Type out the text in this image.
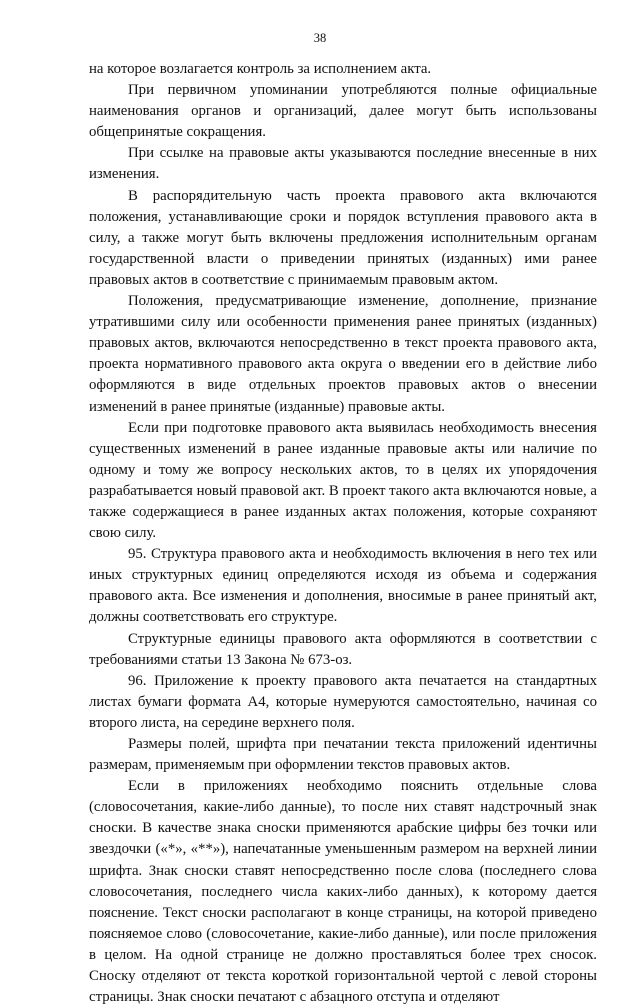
38

на которое возлагается контроль за исполнением акта.

При первичном упоминании употребляются полные официальные наименования органов и организаций, далее могут быть использованы общепринятые сокращения.

При ссылке на правовые акты указываются последние внесенные в них изменения.

В распорядительную часть проекта правового акта включаются положения, устанавливающие сроки и порядок вступления правового акта в силу, а также могут быть включены предложения исполнительным органам государственной власти о приведении принятых (изданных) ими ранее правовых актов в соответствие с принимаемым правовым актом.

Положения, предусматривающие изменение, дополнение, признание утратившими силу или особенности применения ранее принятых (изданных) правовых актов, включаются непосредственно в текст проекта правового акта, проекта нормативного правового акта округа о введении его в действие либо оформляются в виде отдельных проектов правовых актов о внесении изменений в ранее принятые (изданные) правовые акты.

Если при подготовке правового акта выявилась необходимость внесения существенных изменений в ранее изданные правовые акты или наличие по одному и тому же вопросу нескольких актов, то в целях их упорядочения разрабатывается новый правовой акт. В проект такого акта включаются новые, а также содержащиеся в ранее изданных актах положения, которые сохраняют свою силу.

95. Структура правового акта и необходимость включения в него тех или иных структурных единиц определяются исходя из объема и содержания правового акта. Все изменения и дополнения, вносимые в ранее принятый акт, должны соответствовать его структуре.

Структурные единицы правового акта оформляются в соответствии с требованиями статьи 13 Закона № 673-оз.

96. Приложение к проекту правового акта печатается на стандартных листах бумаги формата А4, которые нумеруются самостоятельно, начиная со второго листа, на середине верхнего поля.

Размеры полей, шрифта при печатании текста приложений идентичны размерам, применяемым при оформлении текстов правовых актов.

Если в приложениях необходимо пояснить отдельные слова (словосочетания, какие-либо данные), то после них ставят надстрочный знак сноски. В качестве знака сноски применяются арабские цифры без точки или звездочки («*», «**»), напечатанные уменьшенным размером на верхней линии шрифта. Знак сноски ставят непосредственно после слова (последнего слова словосочетания, последнего числа каких-либо данных), к которому дается пояснение. Текст сноски располагают в конце страницы, на которой приведено поясняемое слово (словосочетание, какие-либо данные), или после приложения в целом. На одной странице не должно проставляться более трех сносок. Сноску отделяют от текста короткой горизонтальной чертой с левой стороны страницы. Знак сноски печатают с абзацного отступа и отделяют
